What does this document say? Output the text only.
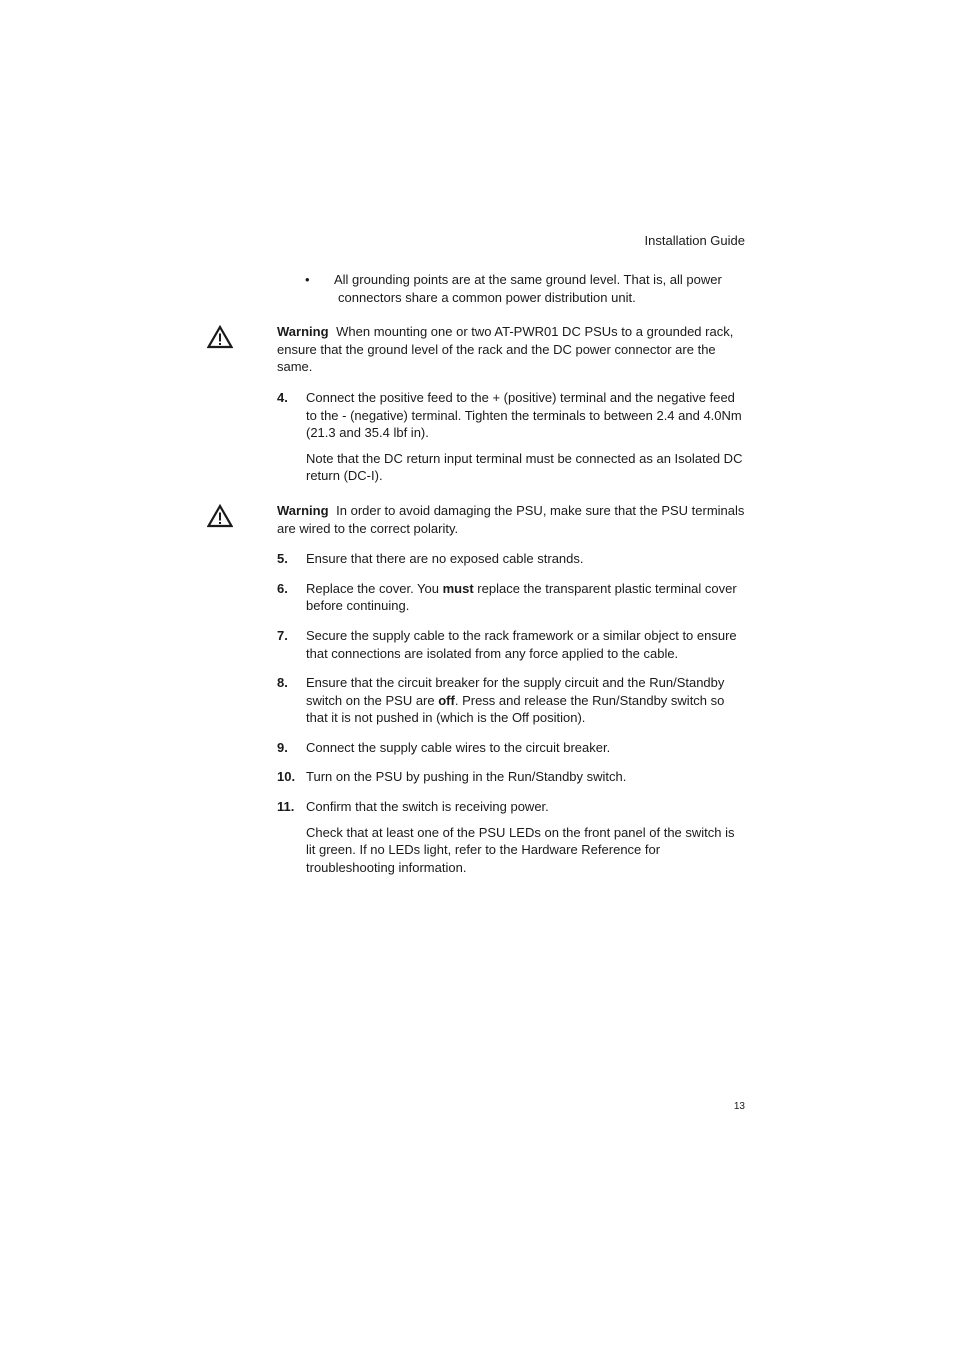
Installation Guide
• All grounding points are at the same ground level. That is, all power connectors share a common power distribution unit.
Warning When mounting one or two AT-PWR01 DC PSUs to a grounded rack, ensure that the ground level of the rack and the DC power connector are the same.
4. Connect the positive feed to the + (positive) terminal and the negative feed to the - (negative) terminal. Tighten the terminals to between 2.4 and 4.0Nm (21.3 and 35.4 lbf in).

Note that the DC return input terminal must be connected as an Isolated DC return (DC-I).

Warning In order to avoid damaging the PSU, make sure that the PSU terminals are wired to the correct polarity.
5. Ensure that there are no exposed cable strands.

6. Replace the cover. You must replace the transparent plastic terminal cover before continuing.

7. Secure the supply cable to the rack framework or a similar object to ensure that connections are isolated from any force applied to the cable.

8. Ensure that the circuit breaker for the supply circuit and the Run/Standby switch on the PSU are off. Press and release the Run/Standby switch so that it is not pushed in (which is the Off position).

9. Connect the supply cable wires to the circuit breaker.

10. Turn on the PSU by pushing in the Run/Standby switch.

11. Confirm that the switch is receiving power.

Check that at least one of the PSU LEDs on the front panel of the switch is lit green. If no LEDs light, refer to the Hardware Reference for troubleshooting information.

13
